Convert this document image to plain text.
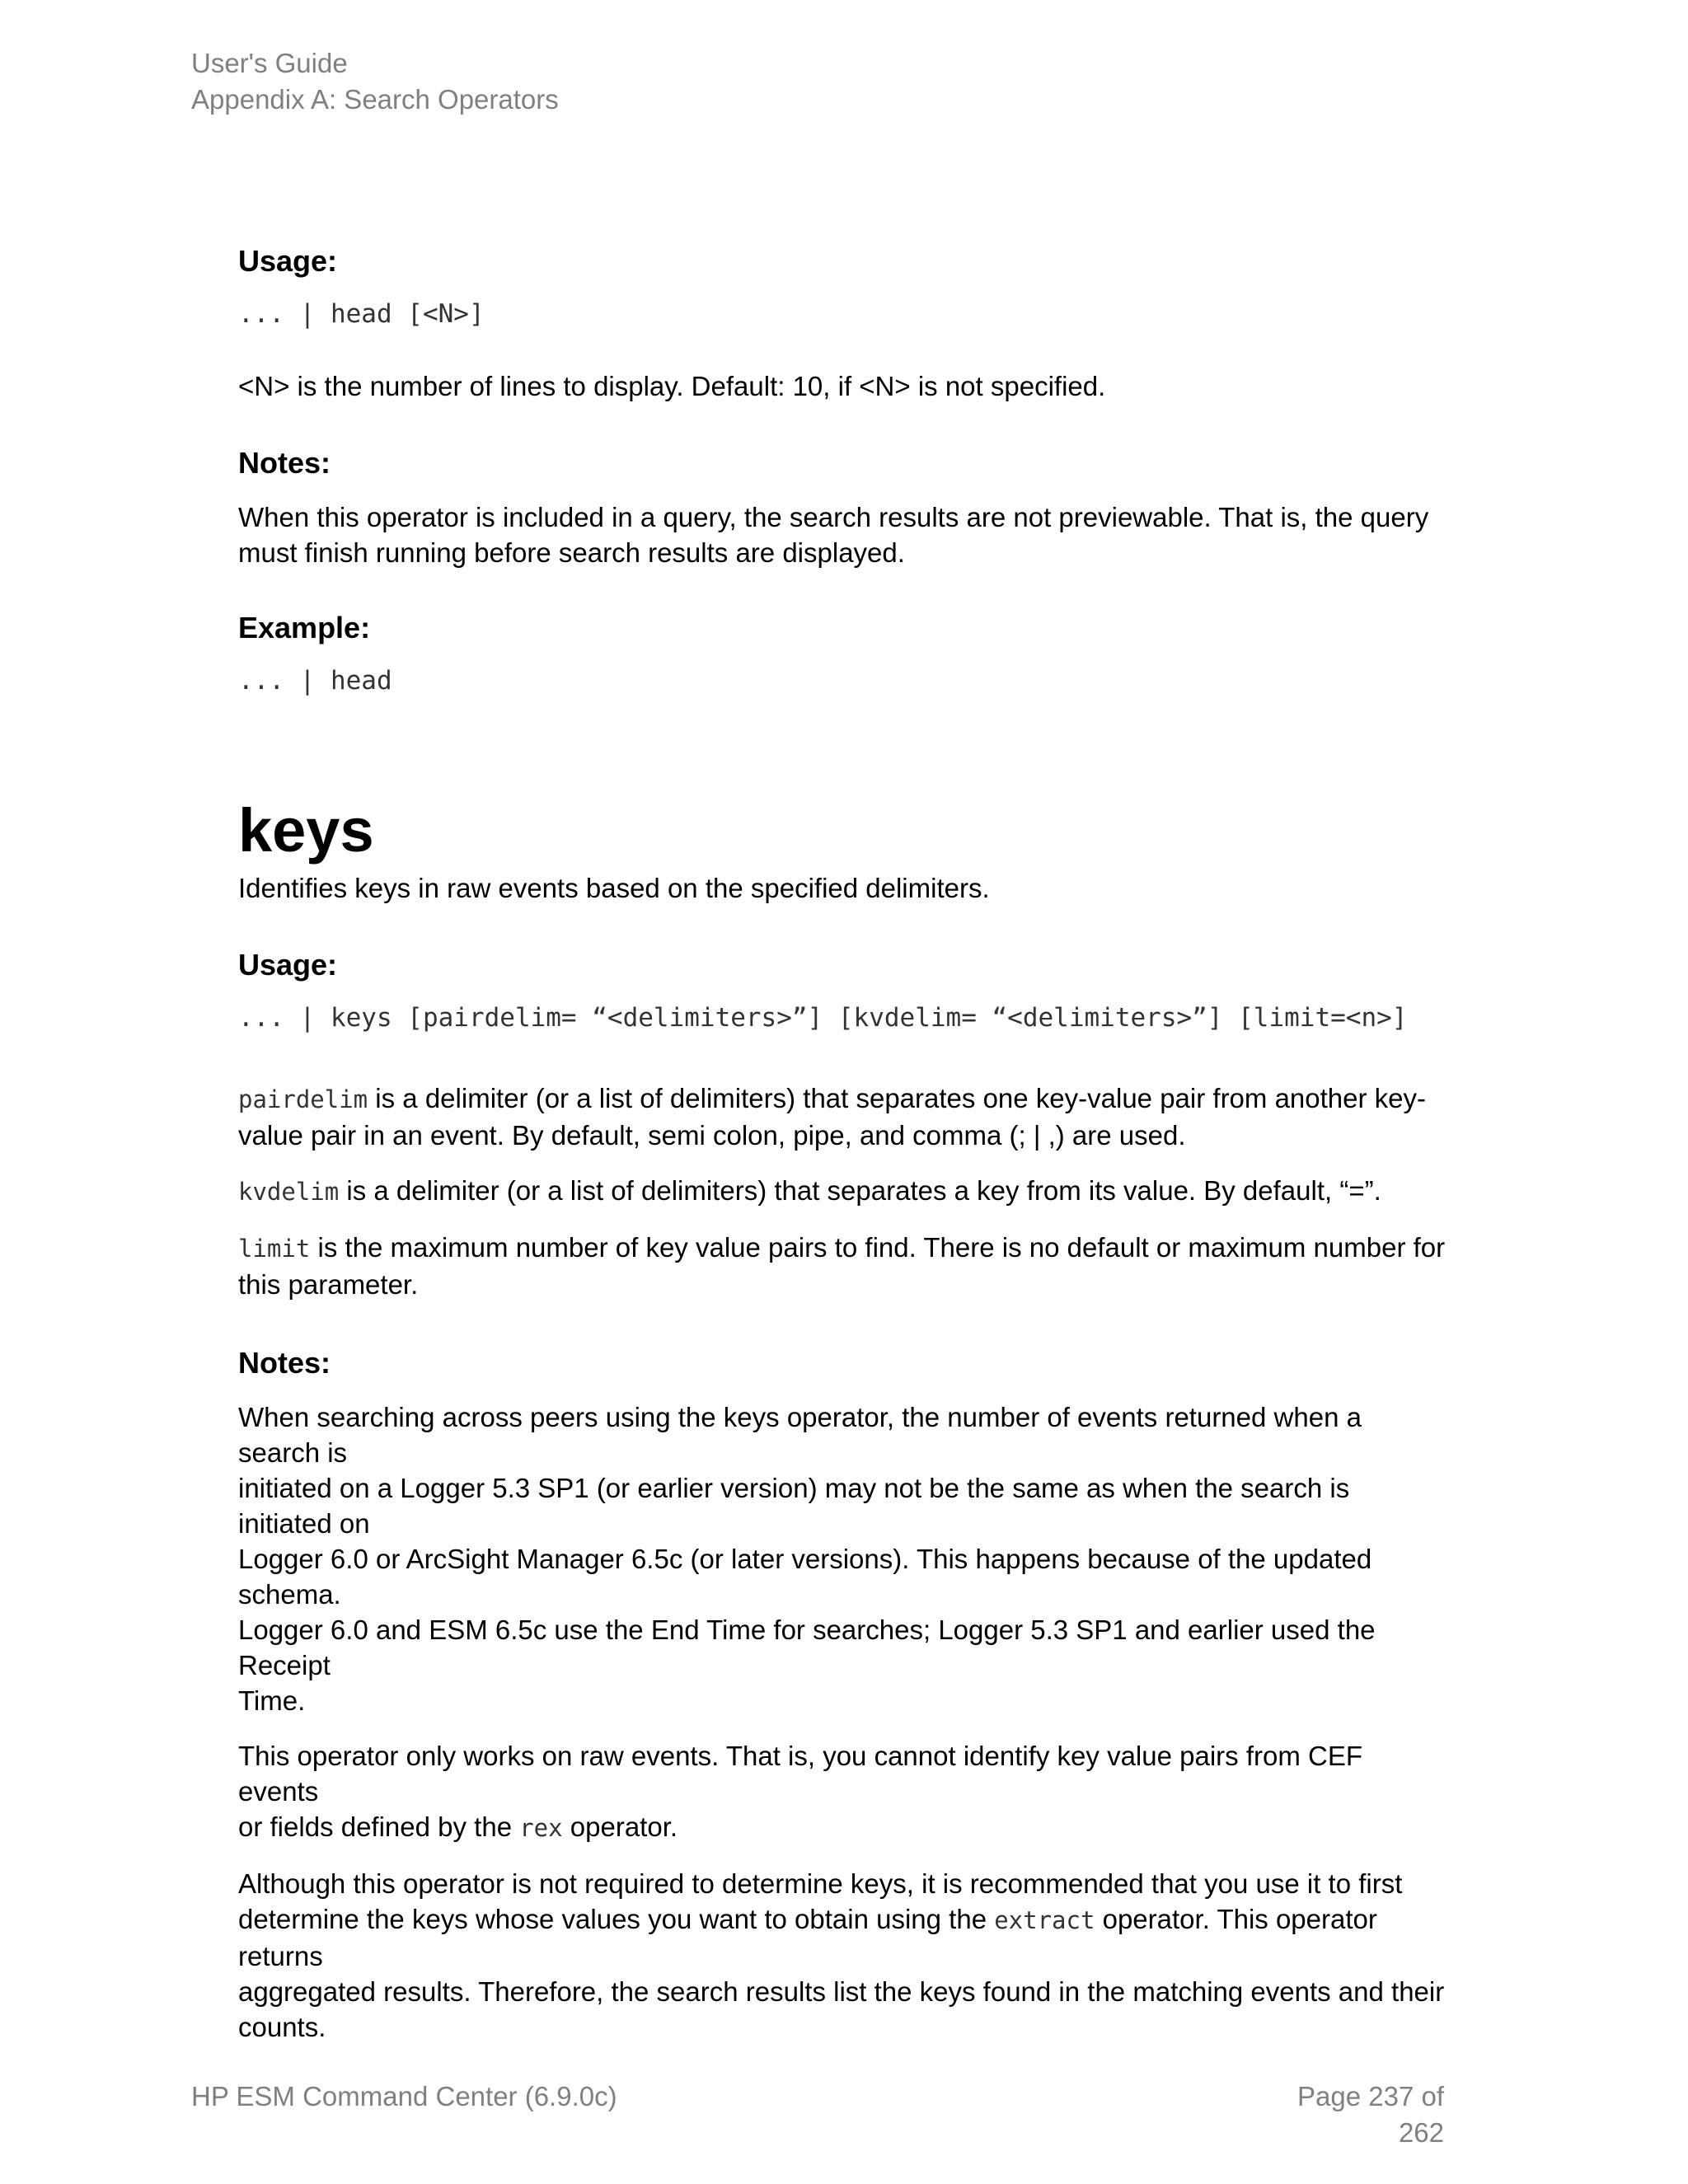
User's Guide
Appendix A: Search Operators
Usage:
... | head [<N>]

<N> is the number of lines to display. Default: 10, if <N> is not specified.

Notes:

When this operator is included in a query, the search results are not previewable. That is, the query
must finish running before search results are displayed.

Example:
... | head
keys

Identifies keys in raw events based on the specified delimiters.

Usage:
... | keys [pairdelim= “<delimiters>”] [kvdelim= “<delimiters>”] [limit=<n>]

pairdelim is a delimiter (or a list of delimiters) that separates one key-value pair from another key-
value pair in an event. By default, semi colon, pipe, and comma (; | ,) are used.

kvdelim is a delimiter (or a list of delimiters) that separates a key from its value. By default, “=”.

limit is the maximum number of key value pairs to find. There is no default or maximum number for
this parameter.

Notes:

When searching across peers using the keys operator, the number of events returned when a search is
initiated on a Logger 5.3 SP1 (or earlier version) may not be the same as when the search is initiated on
Logger 6.0 or ArcSight Manager 6.5c (or later versions). This happens because of the updated schema.
Logger 6.0 and ESM 6.5c use the End Time for searches; Logger 5.3 SP1 and earlier used the Receipt
Time.

This operator only works on raw events. That is, you cannot identify key value pairs from CEF events
or fields defined by the rex operator.

Although this operator is not required to determine keys, it is recommended that you use it to first
determine the keys whose values you want to obtain using the extract operator. This operator returns
aggregated results. Therefore, the search results list the keys found in the matching events and their
counts.

HP ESM Command Center (6.9.0c)	Page 237 of 262
